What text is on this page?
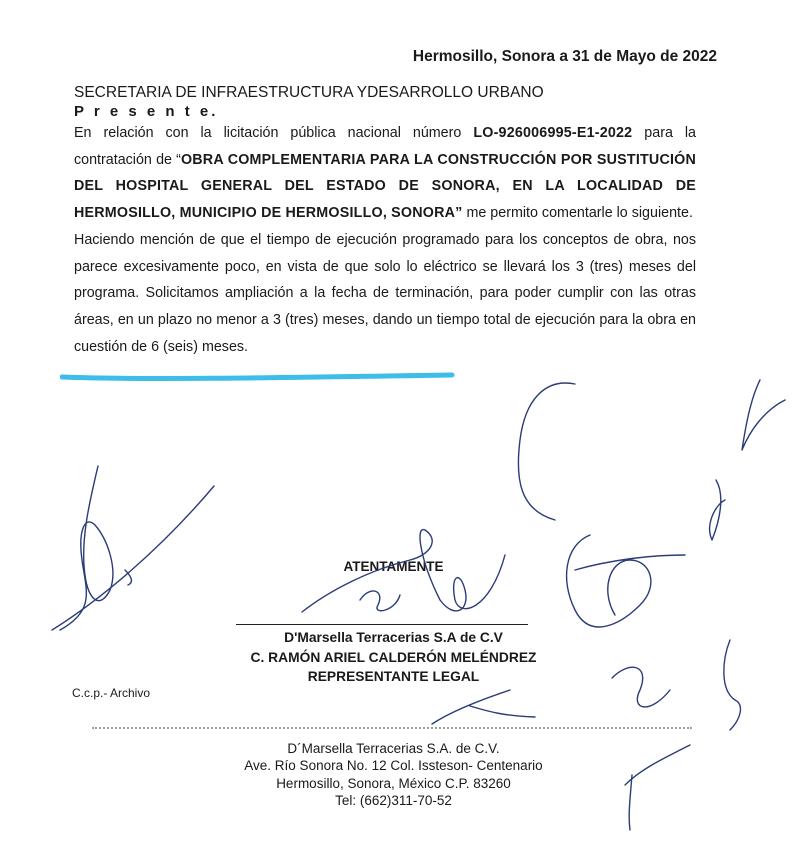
Hermosillo, Sonora a 31 de Mayo de 2022
SECRETARIA DE INFRAESTRUCTURA YDESARROLLO URBANO
P r e s e n t e.

En relación con la licitación pública nacional número LO-926006995-E1-2022 para la contratación de “OBRA COMPLEMENTARIA PARA LA CONSTRUCCIÓN POR SUSTITUCIÓN DEL HOSPITAL GENERAL DEL ESTADO DE SONORA, EN LA LOCALIDAD DE HERMOSILLO, MUNICIPIO DE HERMOSILLO, SONORA” me permito comentarle lo siguiente.

Haciendo mención de que el tiempo de ejecución programado para los conceptos de obra, nos parece excesivamente poco, en vista de que solo lo eléctrico se llevará los 3 (tres) meses del programa. Solicitamos ampliación a la fecha de terminación, para poder cumplir con las otras áreas, en un plazo no menor a 3 (tres) meses, dando un tiempo total de ejecución para la obra en cuestión de 6 (seis) meses.

ATENTAMENTE
D'Marsella Terracerias S.A de C.V
C. RAMÓN ARIEL CALDERÓN MELÉNDREZ
REPRESENTANTE LEGAL
C.c.p.- Archivo
D´Marsella Terracerias S.A. de C.V.
Ave. Río Sonora No. 12 Col. Issteson- Centenario
Hermosillo, Sonora, México C.P. 83260
Tel: (662)311-70-52
